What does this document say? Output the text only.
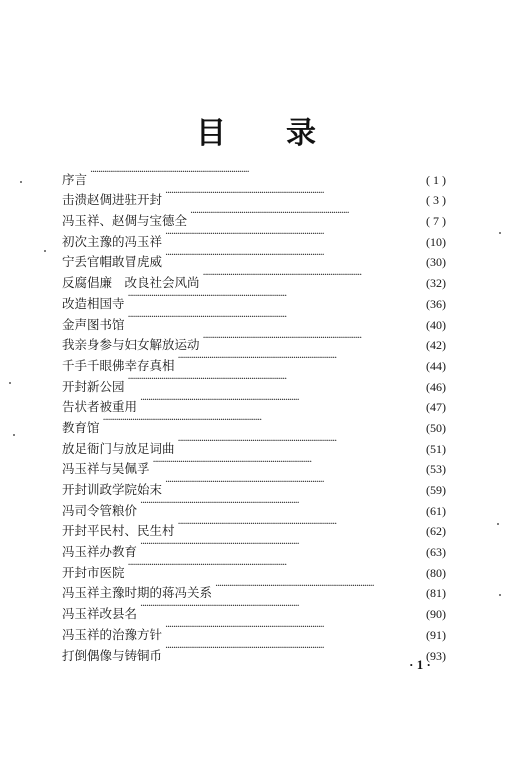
目 录
序言 · · ·	( 1 )
击溃赵倜进驻开封 · · ·	( 3 )
冯玉祥、赵倜与宝德全 · · ·	( 7 )
初次主豫的冯玉祥 · · ·	(10)
宁丢官帽敢冒虎威 · · ·	(30)
反腐倡廉　改良社会风尚 · · ·	(32)
改造相国寺 · · ·	(36)
金声图书馆 · · ·	(40)
我亲身参与妇女解放运动 · · ·	(42)
千手千眼佛幸存真相 · · ·	(44)
开封新公园 · · ·	(46)
告状者被重用 · · ·	(47)
教育馆 · · ·	(50)
放足衙门与放足词曲 · · ·	(51)
冯玉祥与吴佩孚 · · ·	(53)
开封训政学院始末 · · ·	(59)
冯司令管粮价 · · ·	(61)
开封平民村、民生村 · · ·	(62)
冯玉祥办教育 · · ·	(63)
开封市医院 · · ·	(80)
冯玉祥主豫时期的蒋冯关系 · · ·	(81)
冯玉祥改县名 · · ·	(90)
冯玉祥的治豫方针 · · ·	(91)
打倒偶像与铸铜币 · · ·	(93)
· 1 ·
